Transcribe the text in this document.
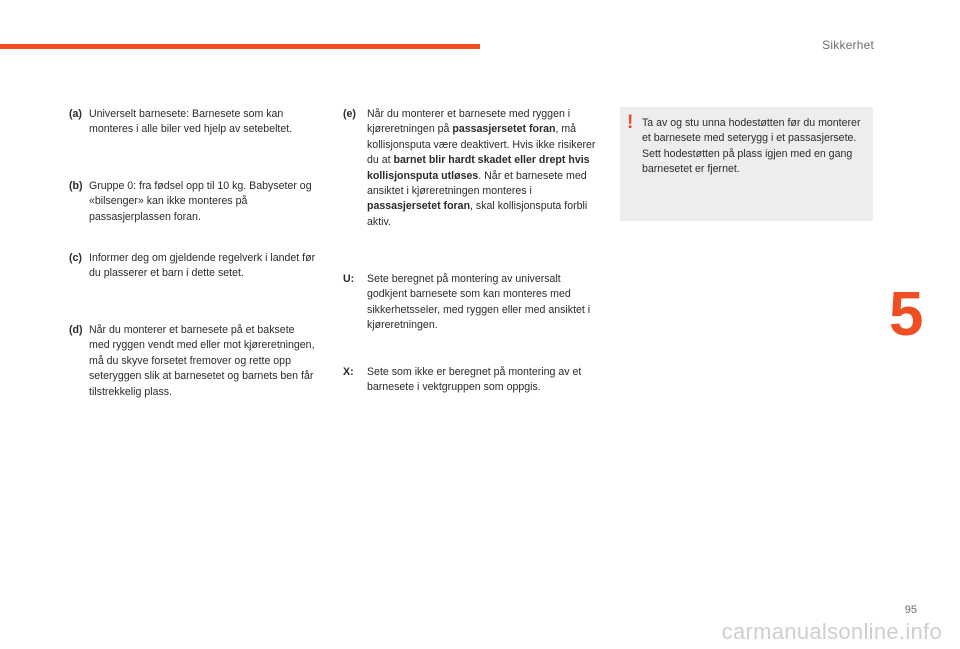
Sikkerhet
5
(a) Universelt barnesete: Barnesete som kan monteres i alle biler ved hjelp av setebeltet.
(b) Gruppe 0: fra fødsel opp til 10 kg. Babyseter og «bilsenger» kan ikke monteres på passasjerplassen foran.
(c) Informer deg om gjeldende regelverk i landet før du plasserer et barn i dette setet.
(d) Når du monterer et barnesete på et baksete med ryggen vendt med eller mot kjøreretningen, må du skyve forsetet fremover og rette opp seteryggen slik at barnesetet og barnets ben får tilstrekkelig plass.
(e)	Når du monterer et barnesete med ryggen i kjøreretningen på passasjersetet foran, må kollisjonsputa være deaktivert. Hvis ikke risikerer du at barnet blir hardt skadet eller drept hvis kollisjonsputa utløses. Når et barnesete med ansiktet i kjøreretningen monteres i passasjersetet foran, skal kollisjonsputa forbli aktiv.
U:	Sete beregnet på montering av universalt godkjent barnesete som kan monteres med sikkerhetsseler, med ryggen eller med ansiktet i kjøreretningen.
X:	Sete som ikke er beregnet på montering av et barnesete i vektgruppen som oppgis.
! Ta av og stu unna hodestøtten før du monterer et barnesete med seterygg i et passasjersete. Sett hodestøtten på plass igjen med en gang barnesetet er fjernet.
95
carmanualsonline.info
